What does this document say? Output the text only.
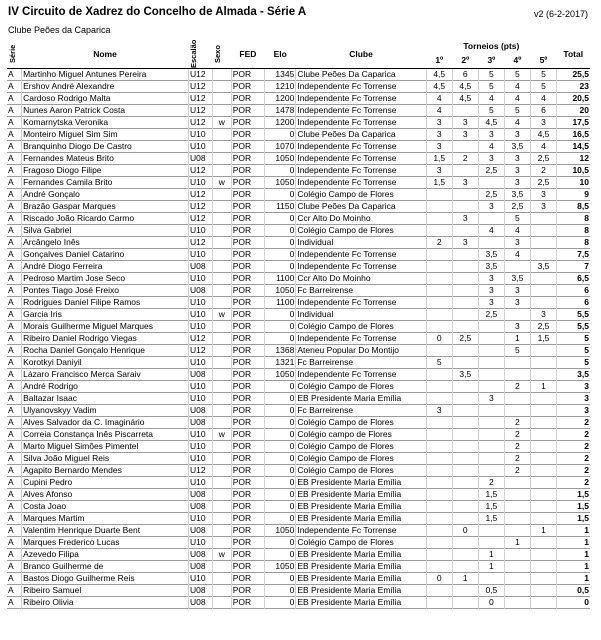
IV Circuito de Xadrez do Concelho de Almada - Série A	v2 (6-2-2017)
Clube Peões da Caparica
Série	Nome	Escalão	Sexo	FED	Elo	Clube	Torneios (pts)					Total
							1º	2º	3º	4º	5º	
A	Martinho Miguel Antunes Pereira	U12		POR	1345	Clube Peões Da Caparica	4,5	6	5	5	5	25,5
A	Ershov André Alexandre	U12		POR	1210	Independente Fc Torrense	4,5	4,5	5	4	5	23
A	Cardoso Rodrigo Malta	U12		POR	1200	Independente Fc Torrense	4	4,5	4	4	4	20,5
A	Nunes Aaron Patrick Costa	U12		POR	1478	Independente Fc Torrense	4		5	5	6	20
A	Komarnytska Veronika	U12	w	POR	1200	Independente Fc Torrense	3	3	4,5	4	3	17,5
A	Monteiro Miguel Sim Sim	U10		POR	0	Clube Peões Da Caparica	3	3	3	3	4,5	16,5
A	Branquinho Diogo De Castro	U10		POR	1070	Independente Fc Torrense	3		4	3,5	4	14,5
A	Fernandes Mateus Brito	U08		POR	1050	Independente Fc Torrense	1,5	2	3	3	2,5	12
A	Fragoso Diogo Filipe	U12		POR	0	Independente Fc Torrense	3		2,5	3	2	10,5
A	Fernandes Camila Brito	U10	w	POR	1050	Independente Fc Torrense	1,5	3		3	2,5	10
A	André Gonçalo	U12		POR	0	Colégio Campo de Flores			2,5	3,5	3	9
A	Brazão Gaspar Marques	U12		POR	1150	Clube Peões Da Caparica			3	2,5	3	8,5
A	Riscado João Ricardo Carmo	U12		POR	0	Ccr Alto Do Moinho		3		5		8
A	Silva Gabriel	U10		POR	0	Colégio Campo de Flores			4	4		8
A	Arcângelo Inês	U12		POR	0	Individual	2	3		3		8
A	Gonçalves Daniel Catarino	U10		POR	0	Independente Fc Torrense			3,5	4		7,5
A	André Diogo Ferreira	U08		POR	0	Independente Fc Torrense			3,5		3,5	7
A	Pedroso Martim Jose Seco	U10		POR	1100	Ccr Alto Do Moinho			3	3,5		6,5
A	Pontes Tiago José Freixo	U08		POR	1050	Fc Barreirense			3	3		6
A	Rodrigues Daniel Filipe Ramos	U10		POR	1100	Independente Fc Torrense			3	3		6
A	Garcia Iris	U10	w	POR	0	Individual			2,5		3	5,5
A	Morais Guilherme Miguel Marques	U10		POR	0	Colégio Campo de Flores				3	2,5	5,5
A	Ribeiro Daniel Rodrigo Viegas	U12		POR	0	Independente Fc Torrense	0	2,5		1	1,5	5
A	Rocha Daniel Gonçalo Henrique	U12		POR	1368	Ateneu Popular Do Montijo				5		5
A	Korotkyi Daniyil	U10		POR	1321	Fc Barreirense	5					5
A	Lázaro Francisco Merca Saraiv	U08		POR	1050	Independente Fc Torrense		3,5				3,5
A	André Rodrigo	U10		POR	0	Colégio Campo de Flores				2	1	3
A	Baltazar Isaac	U10		POR	0	EB Presidente Maria Emília			3			3
A	Ulyanovskyy Vadim	U08		POR	0	Fc Barreirense	3					3
A	Alves Salvador da C. Imaginário	U08		POR	0	Colégio Campo de Flores				2		2
A	Correia Constança Inês Piscarreta	U10	w	POR	0	Colégio campo de Flores				2		2
A	Marto Miguel Simões Pimentel	U10		POR	0	Colégio Campo de Flores				2		2
A	Silva João Miguel Reis	U10		POR	0	Colégio Campo de Flores				2		2
A	Agapito Bernardo Mendes	U12		POR	0	Colégio Campo de Flores				2		2
A	Cupini Pedro	U10		POR	0	EB Presidente Maria Emília			2			2
A	Alves Afonso	U08		POR	0	EB Presidente Maria Emília			1,5			1,5
A	Costa Joao	U08		POR	0	EB Presidente Maria Emília			1,5			1,5
A	Marques Martim	U10		POR	0	EB Presidente Maria Emília			1,5			1,5
A	Valentim Henrique Duarte Bent	U08		POR	1050	Independente Fc Torrense		0			1	1
A	Marques Frederico Lucas	U10		POR	0	Colégio Campo de Flores				1		1
A	Azevedo Filipa	U08	w	POR	0	EB Presidente Maria Emília			1			1
A	Branco Guilherme de	U08		POR	1050	EB Presidente Maria Emília			1			1
A	Bastos Diogo Guilherme Reis	U10		POR	0	EB Presidente Maria Emília	0	1				1
A	Ribeiro Samuel	U08		POR	0	EB Presidente Maria Emília			0,5			0,5
A	Ribeiro Olivia	U08		POR	0	EB Presidente Maria Emília			0			0
